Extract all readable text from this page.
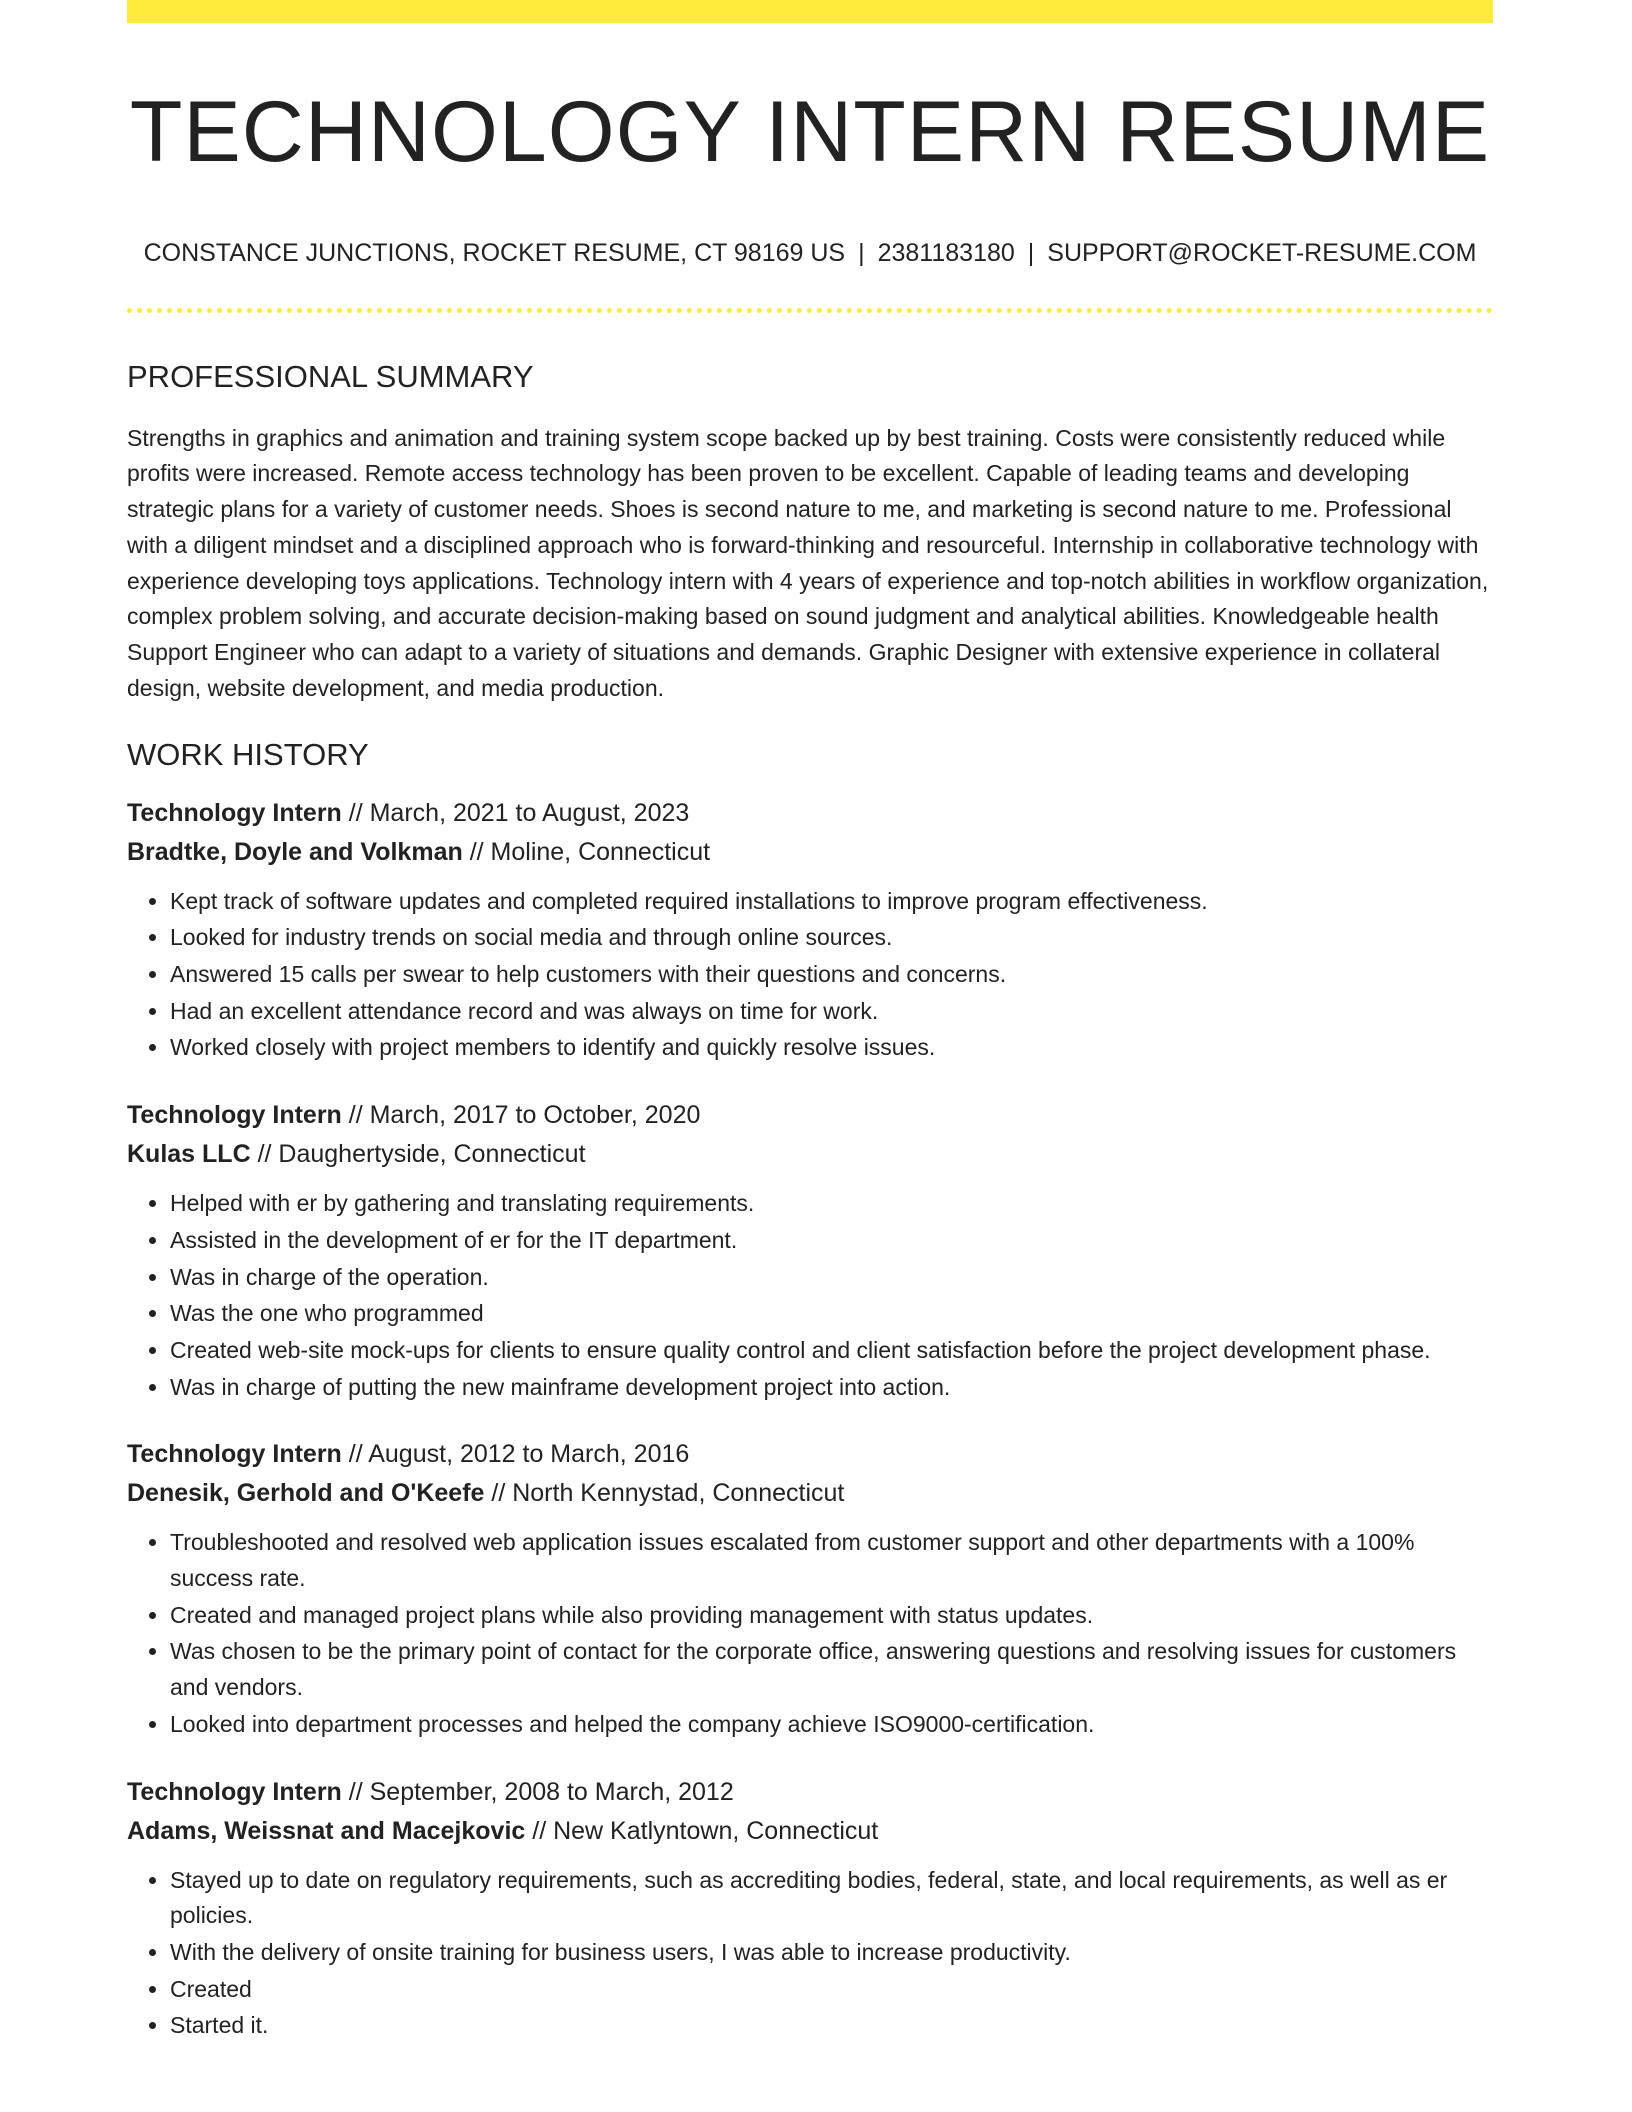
TECHNOLOGY INTERN RESUME
CONSTANCE JUNCTIONS, ROCKET RESUME, CT 98169 US | 2381183180 | SUPPORT@ROCKET-RESUME.COM
PROFESSIONAL SUMMARY

Strengths in graphics and animation and training system scope backed up by best training. Costs were consistently reduced while profits were increased. Remote access technology has been proven to be excellent. Capable of leading teams and developing strategic plans for a variety of customer needs. Shoes is second nature to me, and marketing is second nature to me. Professional with a diligent mindset and a disciplined approach who is forward-thinking and resourceful. Internship in collaborative technology with experience developing toys applications. Technology intern with 4 years of experience and top-notch abilities in workflow organization, complex problem solving, and accurate decision-making based on sound judgment and analytical abilities. Knowledgeable health Support Engineer who can adapt to a variety of situations and demands. Graphic Designer with extensive experience in collateral design, website development, and media production.

WORK HISTORY
Technology Intern // March, 2021 to August, 2023
Bradtke, Doyle and Volkman // Moline, Connecticut
• Kept track of software updates and completed required installations to improve program effectiveness.
• Looked for industry trends on social media and through online sources.
• Answered 15 calls per swear to help customers with their questions and concerns.
• Had an excellent attendance record and was always on time for work.
• Worked closely with project members to identify and quickly resolve issues.
Technology Intern // March, 2017 to October, 2020
Kulas LLC // Daughertyside, Connecticut
• Helped with er by gathering and translating requirements.
• Assisted in the development of er for the IT department.
• Was in charge of the operation.
• Was the one who programmed
• Created web-site mock-ups for clients to ensure quality control and client satisfaction before the project development phase.
• Was in charge of putting the new mainframe development project into action.
Technology Intern // August, 2012 to March, 2016
Denesik, Gerhold and O'Keefe // North Kennystad, Connecticut
• Troubleshooted and resolved web application issues escalated from customer support and other departments with a 100% success rate.
• Created and managed project plans while also providing management with status updates.
• Was chosen to be the primary point of contact for the corporate office, answering questions and resolving issues for customers and vendors.
• Looked into department processes and helped the company achieve ISO9000-certification.
Technology Intern // September, 2008 to March, 2012
Adams, Weissnat and Macejkovic // New Katlyntown, Connecticut
• Stayed up to date on regulatory requirements, such as accrediting bodies, federal, state, and local requirements, as well as er policies.
• With the delivery of onsite training for business users, I was able to increase productivity.
• Created
• Started it.
